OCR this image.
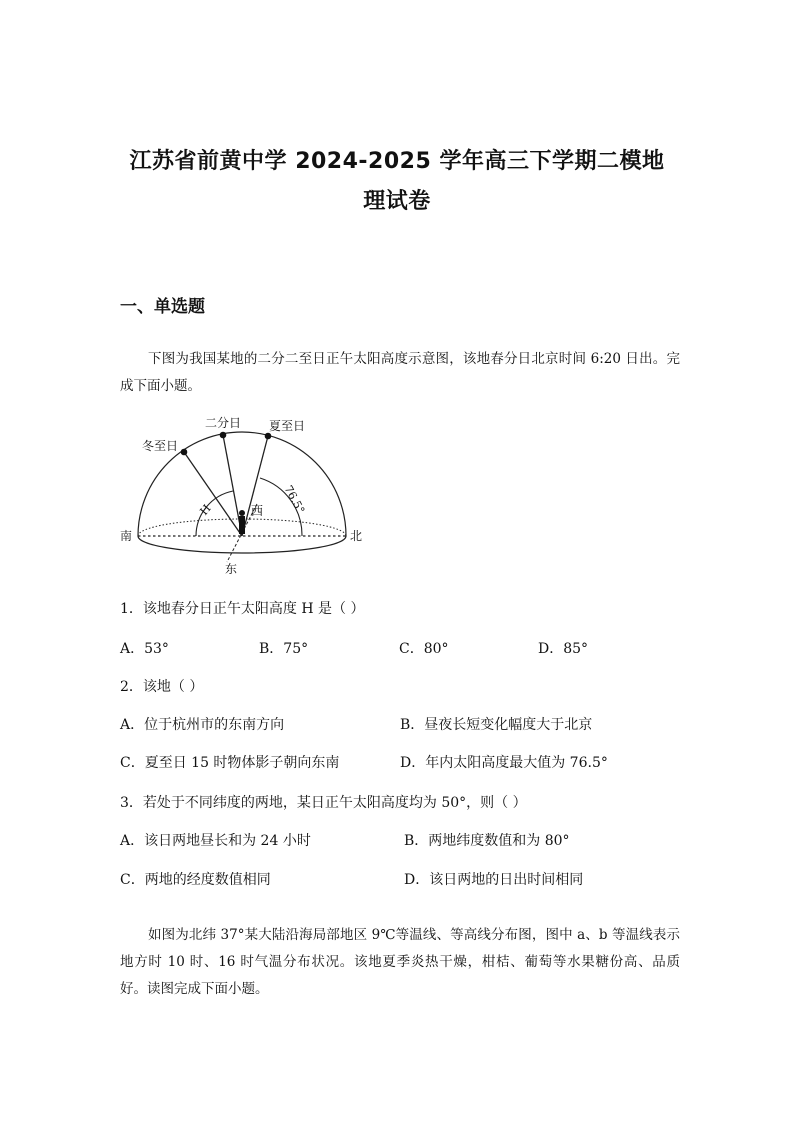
江苏省前黄中学 2024-2025 学年高三下学期二模地
理试卷
一、单选题
下图为我国某地的二分二至日正午太阳高度示意图，该地春分日北京时间 6:20 日出。完成下面小题。
冬至日
二分日 夏至日
南	北
西
东
H	76.5°
1．该地春分日正午太阳高度 H 是（ ）
A．53°	B．75°	C．80°	D．85°
2．该地（ ）
A．位于杭州市的东南方向	B．昼夜长短变化幅度大于北京
C．夏至日 15 时物体影子朝向东南	D．年内太阳高度最大值为 76.5°
3．若处于不同纬度的两地，某日正午太阳高度均为 50°，则（ ）
A．该日两地昼长和为 24 小时	B．两地纬度数值和为 80°
C．两地的经度数值相同	D．该日两地的日出时间相同
如图为北纬 37°某大陆沿海局部地区 9℃等温线、等高线分布图，图中 a、b 等温线表示地方时 10 时、16 时气温分布状况。该地夏季炎热干燥，柑桔、葡萄等水果糖份高、品质好。读图完成下面小题。
